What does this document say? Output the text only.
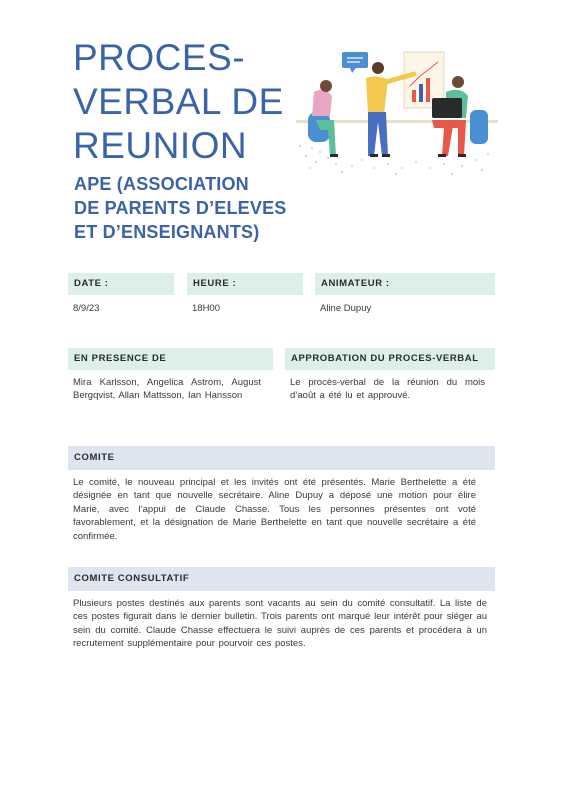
PROCES-
VERBAL DE
REUNION
APE (ASSOCIATION
DE PARENTS D’ELEVES
ET D’ENSEIGNANTS)
DATE :	HEURE :	ANIMATEUR :
8/9/23	18H00	Aline Dupuy
EN PRESENCE DE	APPROBATION DU PROCES-VERBAL
Mira Karlsson, Angelica Astrom, August Bergqvist, Allan Mattsson, Ian Hansson
Le procès-verbal de la réunion du mois d’août a été lu et approuvé.
COMITE
Le comité, le nouveau principal et les invités ont été présentés. Marie Berthelette a été désignée en tant que nouvelle secrétaire. Aline Dupuy a déposé une motion pour élire Marie, avec l’appui de Claude Chasse. Tous les personnes présentes ont voté favorablement, et la désignation de Marie Berthelette en tant que nouvelle secrétaire a été confirmée.
COMITE CONSULTATIF
Plusieurs postes destinés aux parents sont vacants au sein du comité consultatif. La liste de ces postes figurait dans le dernier bulletin. Trois parents ont marqué leur intérêt pour siéger au sein du comité. Claude Chasse effectuera le suivi auprès de ces parents et procédera à un recrutement supplémentaire pour pourvoir ces postes.
